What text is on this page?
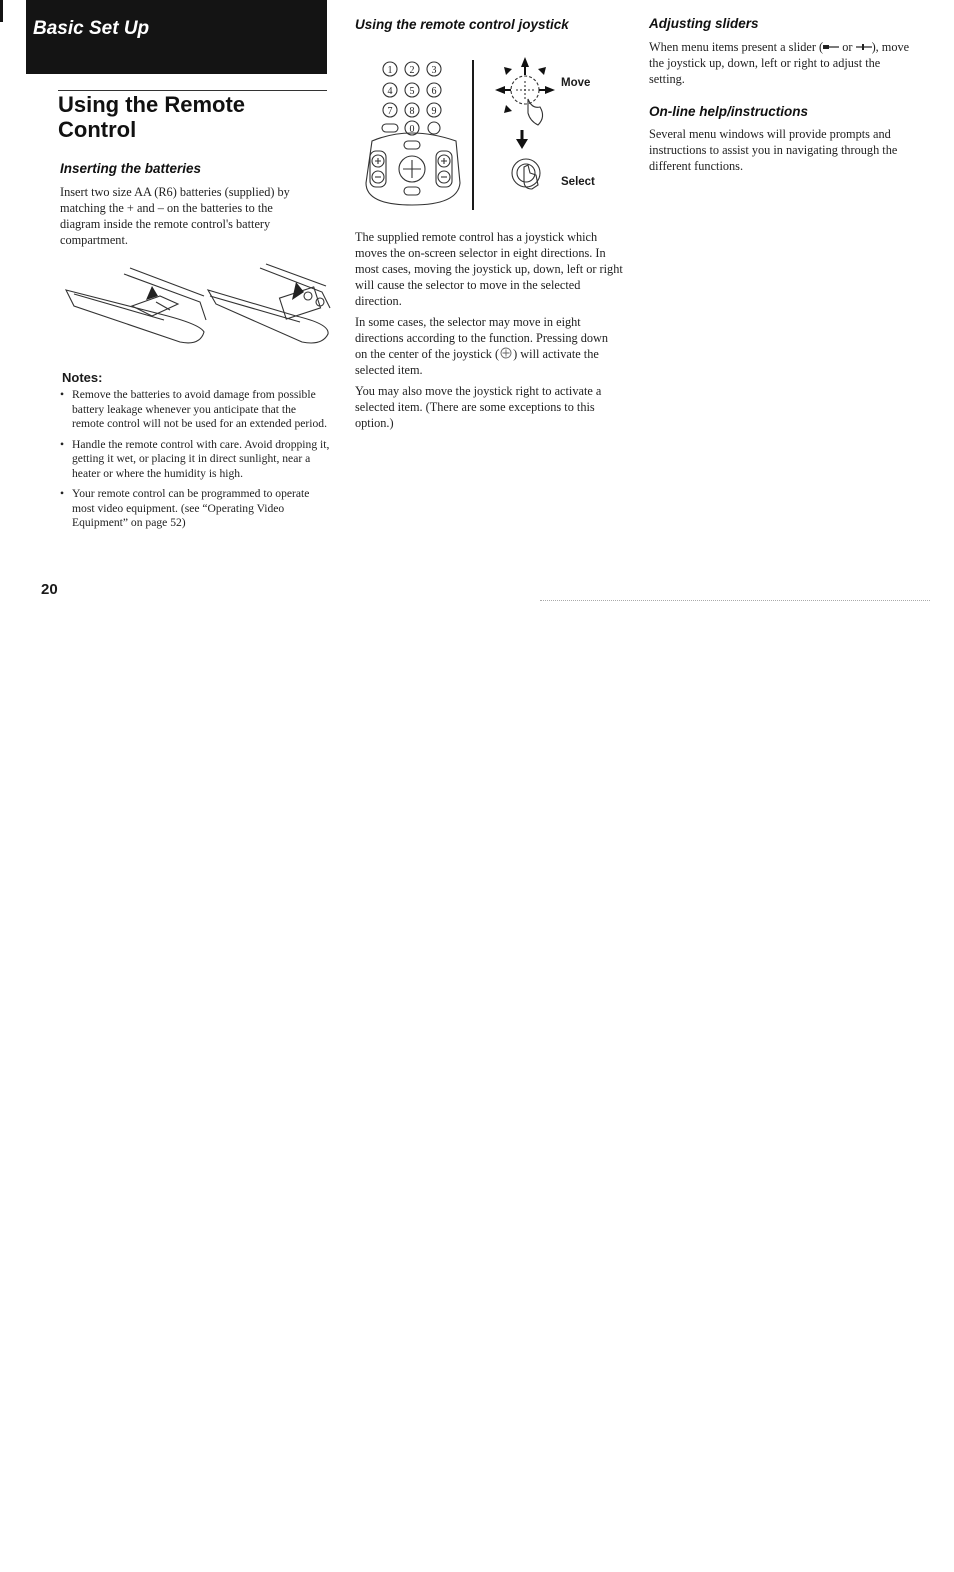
Basic Set Up
Using the Remote Control
Inserting the batteries
Insert two size AA (R6) batteries (supplied) by matching the + and – on the batteries to the diagram inside the remote control's battery compartment.
Notes:
• Remove the batteries to avoid damage from possible battery leakage whenever you anticipate that the remote control will not be used for an extended period.
• Handle the remote control with care. Avoid dropping it, getting it wet, or placing it in direct sunlight, near a heater or where the humidity is high.
• Your remote control can be programmed to operate most video equipment. (see “Operating Video Equipment” on page 52)
20
Using the remote control joystick
1 2 3
4 5 6
7 8 9
0
Move
Select
The supplied remote control has a joystick which moves the on-screen selector in eight directions. In most cases, moving the joystick up, down, left or right will cause the selector to move in the selected direction.
In some cases, the selector may move in eight directions according to the function. Pressing down on the center of the joystick ( ) will activate the selected item.
You may also move the joystick right to activate a selected item. (There are some exceptions to this option.)
Adjusting sliders
When menu items present a slider ( or ), move the joystick up, down, left or right to adjust the setting.
On-line help/instructions
Several menu windows will provide prompts and instructions to assist you in navigating through the different functions.
